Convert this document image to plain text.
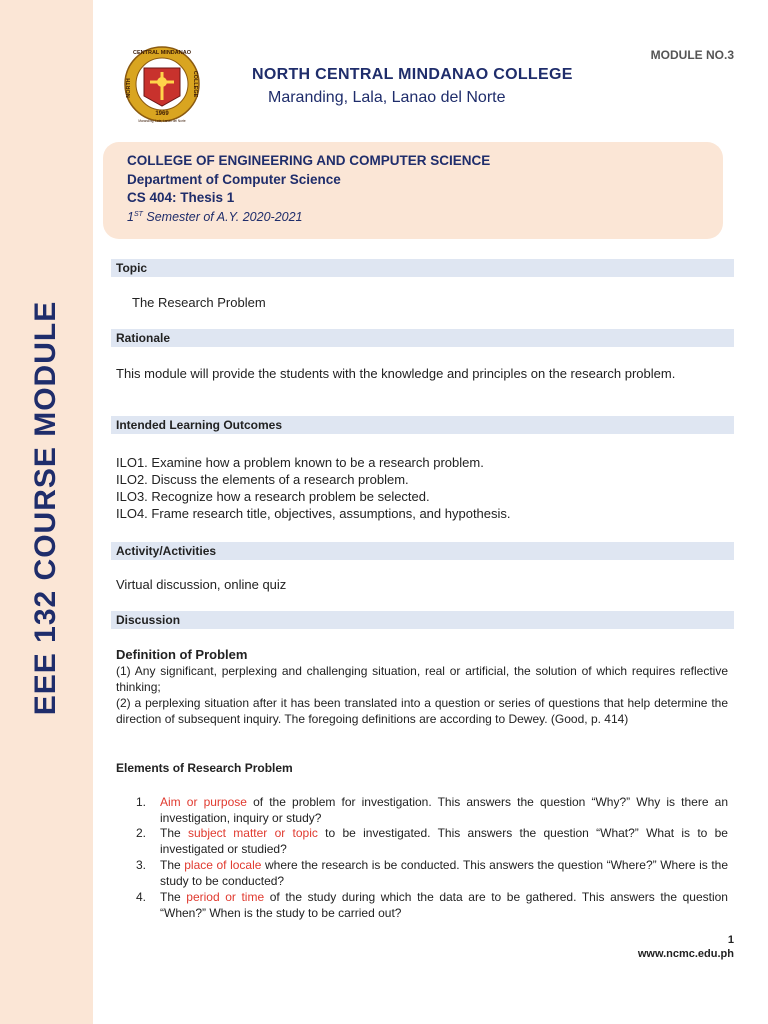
EEE 132 COURSE MODULE
MODULE NO.3
CENTRAL MINDANAO
NORTH	COLLEGE
1969
Maranding, Lala, Lanao del Norte
NORTH CENTRAL MINDANAO COLLEGE
Maranding, Lala, Lanao del Norte
COLLEGE OF ENGINEERING AND COMPUTER SCIENCE
Department of Computer Science
CS 404: Thesis 1
1ST Semester of A.Y. 2020-2021
Topic
The Research Problem
Rationale
This module will provide the students with the knowledge and principles on the research problem.
Intended Learning Outcomes
ILO1. Examine how a problem known to be a research problem.
ILO2. Discuss the elements of a research problem.
ILO3. Recognize how a research problem be selected.
ILO4. Frame research title, objectives, assumptions, and hypothesis.
Activity/Activities
Virtual discussion, online quiz
Discussion
Definition of Problem
(1) Any significant, perplexing and challenging situation, real or artificial, the solution of which requires reflective thinking;
(2) a perplexing situation after it has been translated into a question or series of questions that help determine the direction of subsequent inquiry. The foregoing definitions are according to Dewey. (Good, p. 414)
Elements of Research Problem
1.	Aim or purpose of the problem for investigation. This answers the question “Why?” Why is there an investigation, inquiry or study?
2.	The subject matter or topic to be investigated. This answers the question “What?” What is to be investigated or studied?
3.	The place of locale where the research is be conducted. This answers the question “Where?” Where is the study to be conducted?
4.	The period or time of the study during which the data are to be gathered. This answers the question “When?” When is the study to be carried out?
1
www.ncmc.edu.ph
